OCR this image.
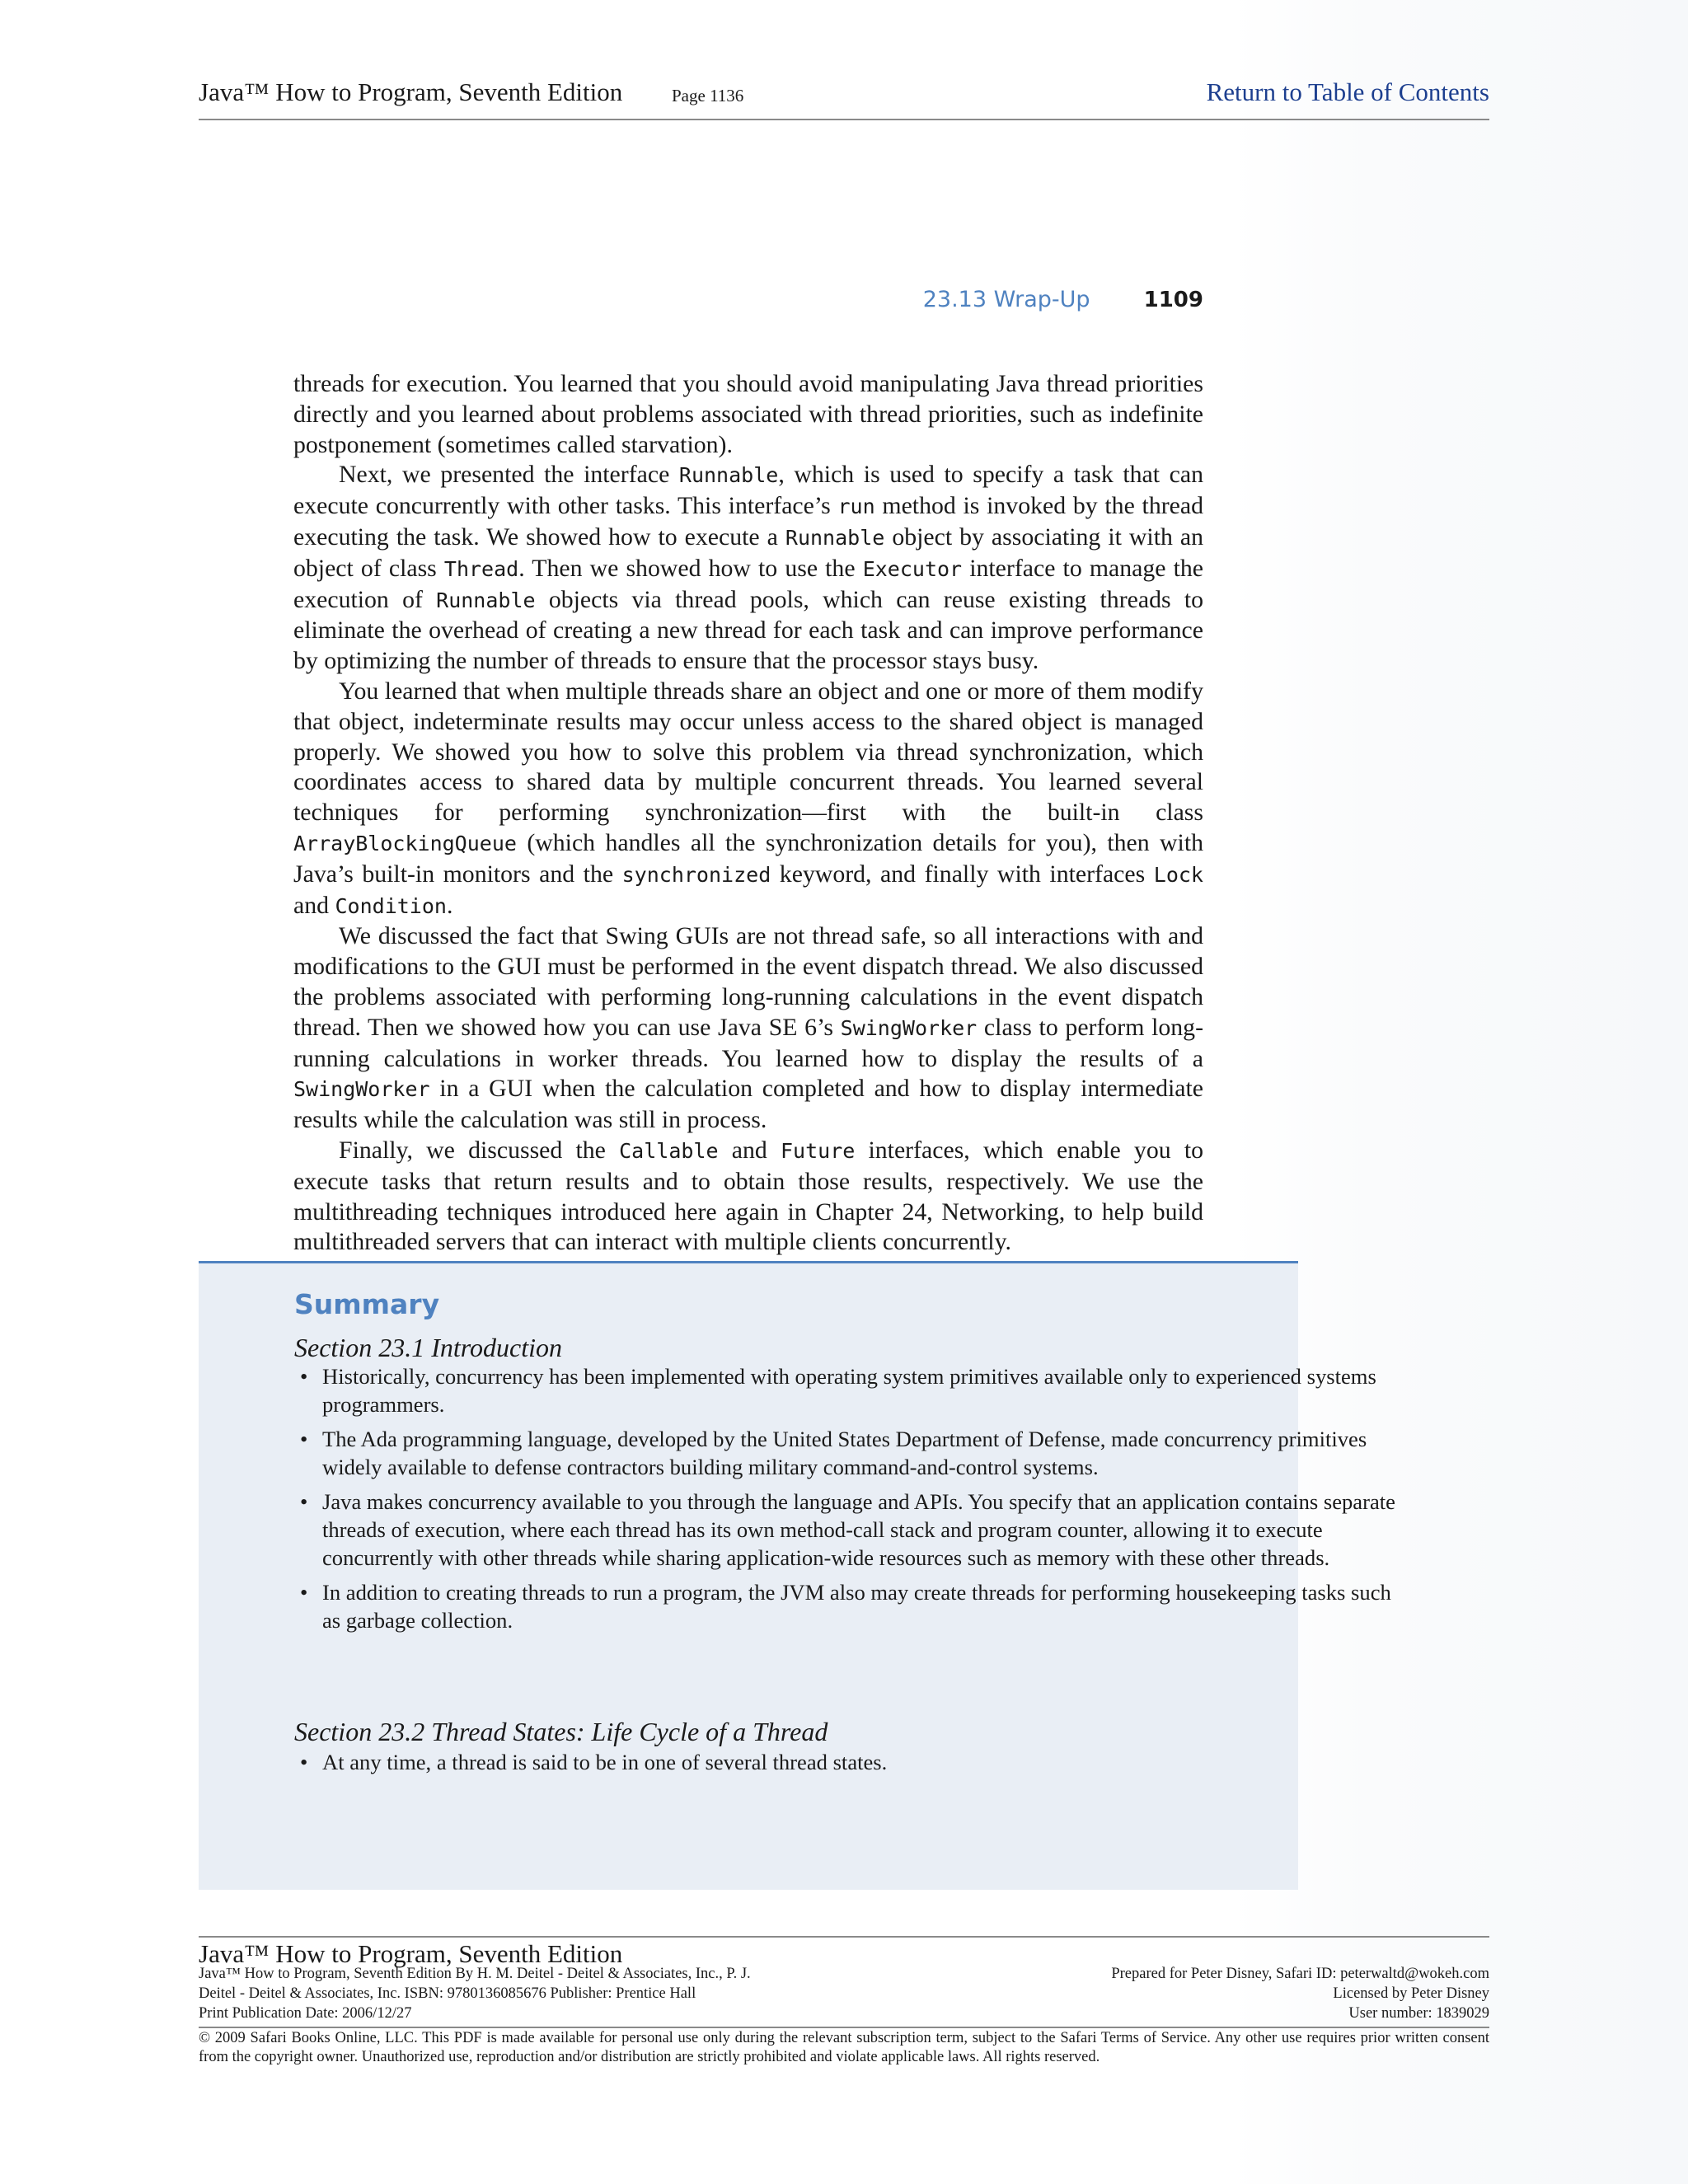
Java™ How to Program, Seventh Edition	Page 1136	Return to Table of Contents
23.13 Wrap-Up	1109

threads for execution. You learned that you should avoid manipulating Java thread priorities directly and you learned about problems associated with thread priorities, such as indefinite postponement (sometimes called starvation).

Next, we presented the interface Runnable, which is used to specify a task that can execute concurrently with other tasks. This interface’s run method is invoked by the thread executing the task. We showed how to execute a Runnable object by associating it with an object of class Thread. Then we showed how to use the Executor interface to manage the execution of Runnable objects via thread pools, which can reuse existing threads to eliminate the overhead of creating a new thread for each task and can improve performance by optimizing the number of threads to ensure that the processor stays busy.

You learned that when multiple threads share an object and one or more of them modify that object, indeterminate results may occur unless access to the shared object is managed properly. We showed you how to solve this problem via thread synchronization, which coordinates access to shared data by multiple concurrent threads. You learned several techniques for performing synchronization—first with the built-in class ArrayBlockingQueue (which handles all the synchronization details for you), then with Java’s built-in monitors and the synchronized keyword, and finally with interfaces Lock and Condition.

We discussed the fact that Swing GUIs are not thread safe, so all interactions with and modifications to the GUI must be performed in the event dispatch thread. We also discussed the problems associated with performing long-running calculations in the event dispatch thread. Then we showed how you can use Java SE 6’s SwingWorker class to perform long-running calculations in worker threads. You learned how to display the results of a SwingWorker in a GUI when the calculation completed and how to display intermediate results while the calculation was still in process.

Finally, we discussed the Callable and Future interfaces, which enable you to execute tasks that return results and to obtain those results, respectively. We use the multithreading techniques introduced here again in Chapter 24, Networking, to help build multithreaded servers that can interact with multiple clients concurrently.

Summary
Section 23.1 Introduction
• Historically, concurrency has been implemented with operating system primitives available only to experienced systems programmers.
• The Ada programming language, developed by the United States Department of Defense, made concurrency primitives widely available to defense contractors building military command-and-control systems.
• Java makes concurrency available to you through the language and APIs. You specify that an application contains separate threads of execution, where each thread has its own method-call stack and program counter, allowing it to execute concurrently with other threads while sharing application-wide resources such as memory with these other threads.
• In addition to creating threads to run a program, the JVM also may create threads for performing housekeeping tasks such as garbage collection.
Section 23.2 Thread States: Life Cycle of a Thread
• At any time, a thread is said to be in one of several thread states.
Java™ How to Program, Seventh Edition
Java™ How to Program, Seventh Edition By H. M. Deitel - Deitel & Associates, Inc., P. J.
Deitel - Deitel & Associates, Inc. ISBN: 9780136085676 Publisher: Prentice Hall
Print Publication Date: 2006/12/27
Prepared for Peter Disney, Safari ID: peterwaltd@wokeh.com
Licensed by Peter Disney
User number: 1839029
© 2009 Safari Books Online, LLC. This PDF is made available for personal use only during the relevant subscription term, subject to the Safari Terms of Service. Any other use requires prior written consent from the copyright owner. Unauthorized use, reproduction and/or distribution are strictly prohibited and violate applicable laws. All rights reserved.
